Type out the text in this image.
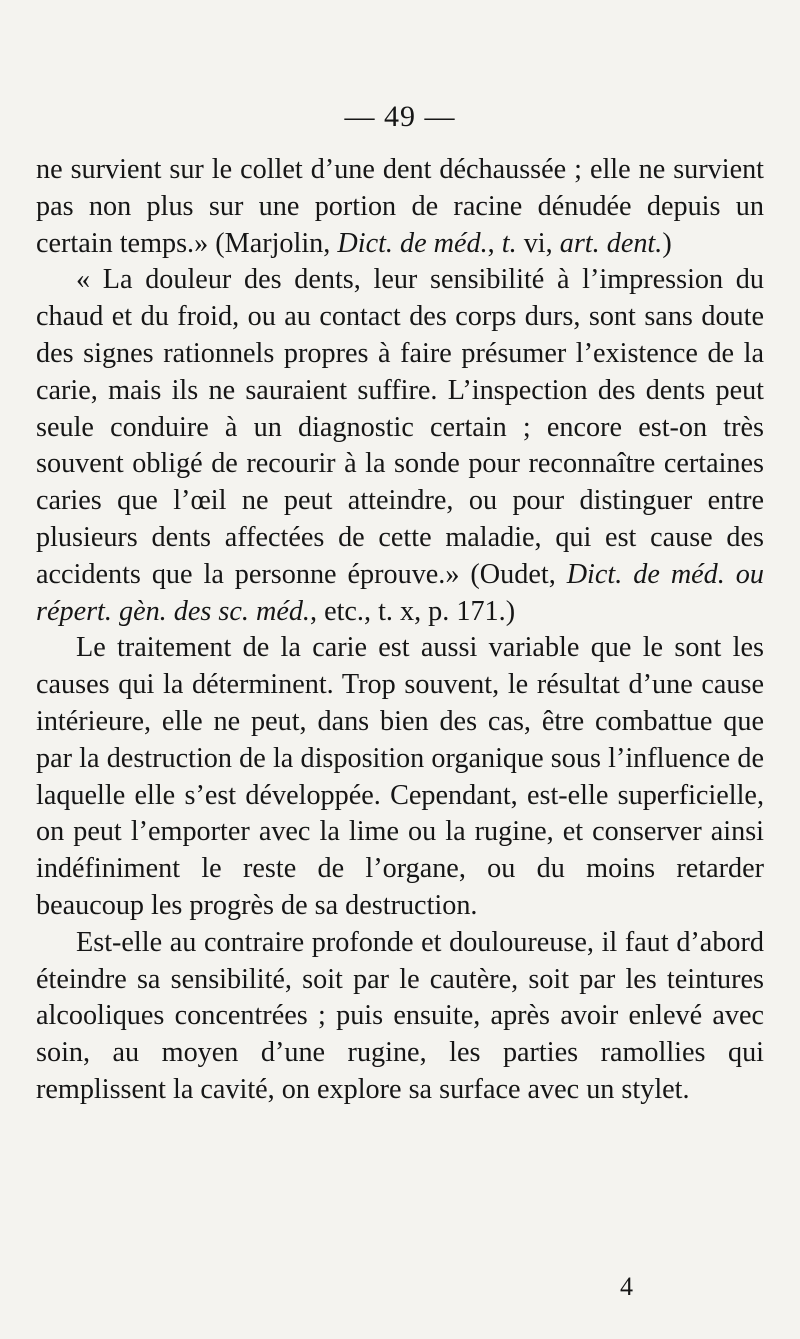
— 49 —

ne survient sur le collet d’une dent déchaussée ; elle ne survient pas non plus sur une portion de racine dénudée depuis un certain temps.» (Marjolin, Dict. de méd., t. vi, art. dent.)

« La douleur des dents, leur sensibilité à l’impression du chaud et du froid, ou au contact des corps durs, sont sans doute des signes rationnels propres à faire présumer l’existence de la carie, mais ils ne sauraient suffire. L’inspection des dents peut seule conduire à un diagnostic certain ; encore est-on très souvent obligé de recourir à la sonde pour reconnaître certaines caries que l’œil ne peut atteindre, ou pour distinguer entre plusieurs dents affectées de cette maladie, qui est cause des accidents que la personne éprouve.» (Oudet, Dict. de méd. ou répert. gèn. des sc. méd., etc., t. x, p. 171.)

Le traitement de la carie est aussi variable que le sont les causes qui la déterminent. Trop souvent, le résultat d’une cause intérieure, elle ne peut, dans bien des cas, être combattue que par la destruction de la disposition organique sous l’influence de laquelle elle s’est développée. Cependant, est-elle superficielle, on peut l’emporter avec la lime ou la rugine, et conserver ainsi indéfiniment le reste de l’organe, ou du moins retarder beaucoup les progrès de sa destruction.

Est-elle au contraire profonde et douloureuse, il faut d’abord éteindre sa sensibilité, soit par le cautère, soit par les teintures alcooliques concentrées ; puis ensuite, après avoir enlevé avec soin, au moyen d’une rugine, les parties ramollies qui remplissent la cavité, on explore sa surface avec un stylet.

4
